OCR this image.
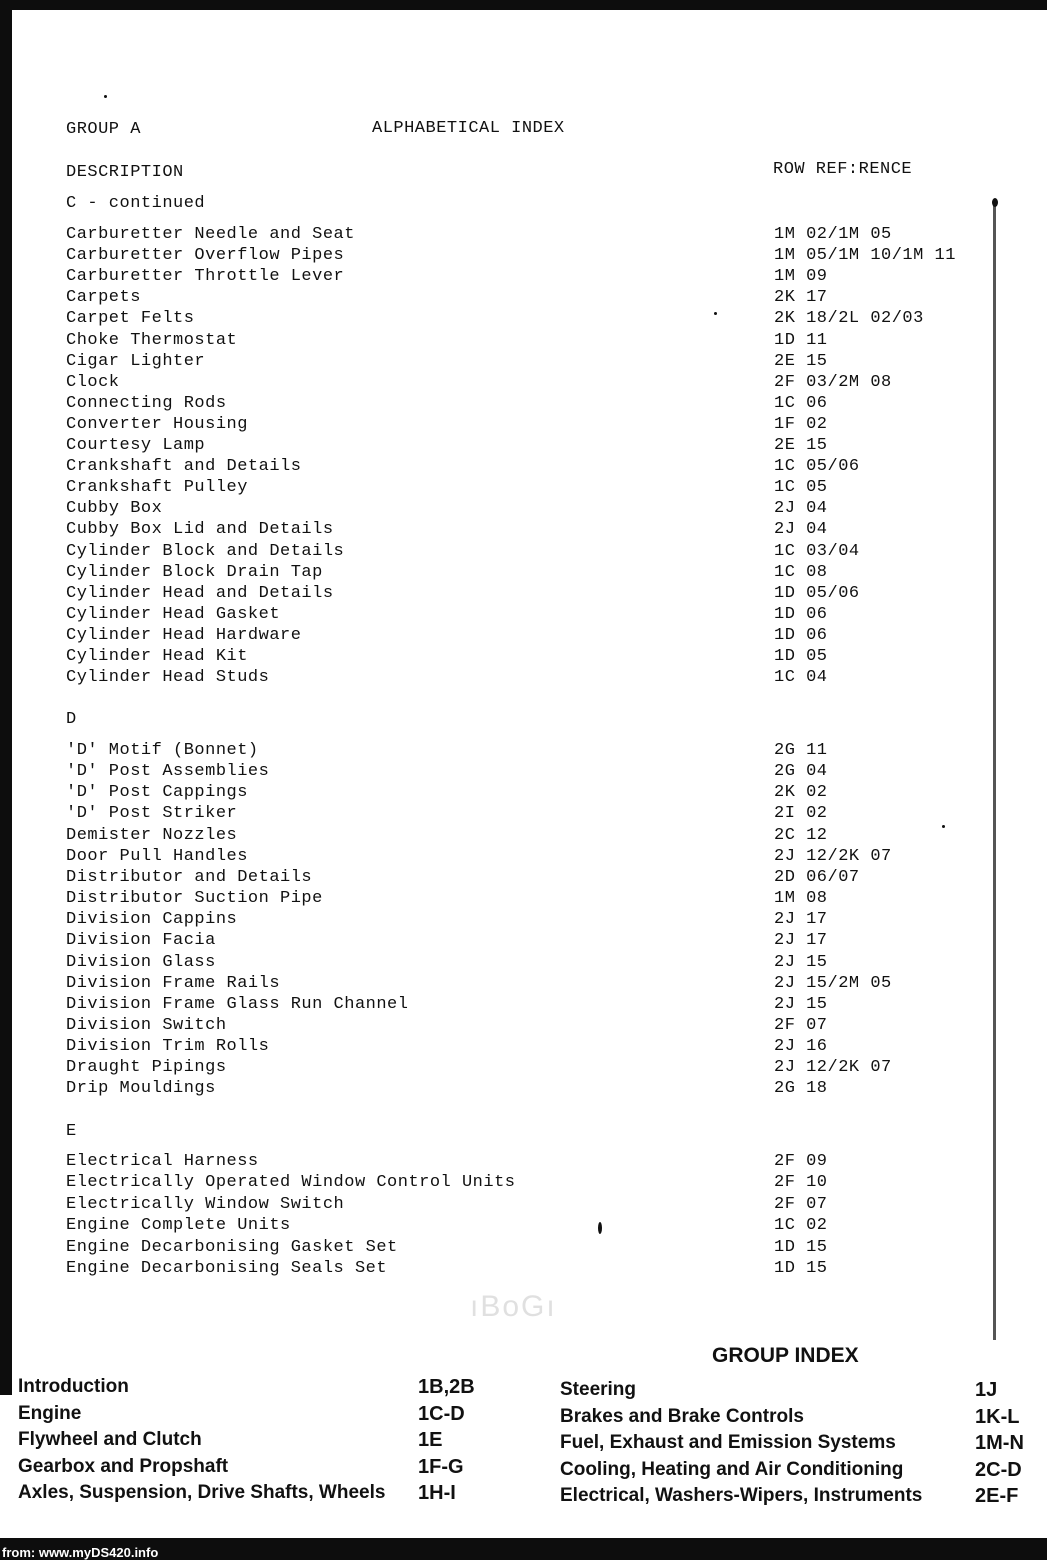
GROUP A	ALPHABETICAL INDEX
DESCRIPTION	ROW REF:RENCE
C - continued
Carburetter Needle and Seat	1M 02/1M 05
Carburetter Overflow Pipes	1M 05/1M 10/1M 11
Carburetter Throttle Lever	1M 09
Carpets	2K 17
Carpet Felts	2K 18/2L 02/03
Choke Thermostat	1D 11
Cigar Lighter	2E 15
Clock	2F 03/2M 08
Connecting Rods	1C 06
Converter Housing	1F 02
Courtesy Lamp	2E 15
Crankshaft and Details	1C 05/06
Crankshaft Pulley	1C 05
Cubby Box	2J 04
Cubby Box Lid and Details	2J 04
Cylinder Block and Details	1C 03/04
Cylinder Block Drain Tap	1C 08
Cylinder Head and Details	1D 05/06
Cylinder Head Gasket	1D 06
Cylinder Head Hardware	1D 06
Cylinder Head Kit	1D 05
Cylinder Head Studs	1C 04
D
'D' Motif (Bonnet)	2G 11
'D' Post Assemblies	2G 04
'D' Post Cappings	2K 02
'D' Post Striker	2I 02
Demister Nozzles	2C 12
Door Pull Handles	2J 12/2K 07
Distributor and Details	2D 06/07
Distributor Suction Pipe	1M 08
Division Cappins	2J 17
Division Facia	2J 17
Division Glass	2J 15
Division Frame Rails	2J 15/2M 05
Division Frame Glass Run Channel	2J 15
Division Switch	2F 07
Division Trim Rolls	2J 16
Draught Pipings	2J 12/2K 07
Drip Mouldings	2G 18
E
Electrical Harness	2F 09
Electrically Operated Window Control Units	2F 10
Electrically Window Switch	2F 07
Engine Complete Units	1C 02
Engine Decarbonising Gasket Set	1D 15
Engine Decarbonising Seals Set	1D 15
ıBoGı
GROUP INDEX
Introduction	1B,2B
Engine	1C-D
Flywheel and Clutch	1E
Gearbox and Propshaft	1F-G
Axles, Suspension, Drive Shafts, Wheels 1H-I
Steering	1J
Brakes and Brake Controls	1K-L
Fuel, Exhaust and Emission Systems	1M-N
Cooling, Heating and Air Conditioning	2C-D
Electrical, Washers-Wipers, Instruments	2E-F
from: www.myDS420.info
